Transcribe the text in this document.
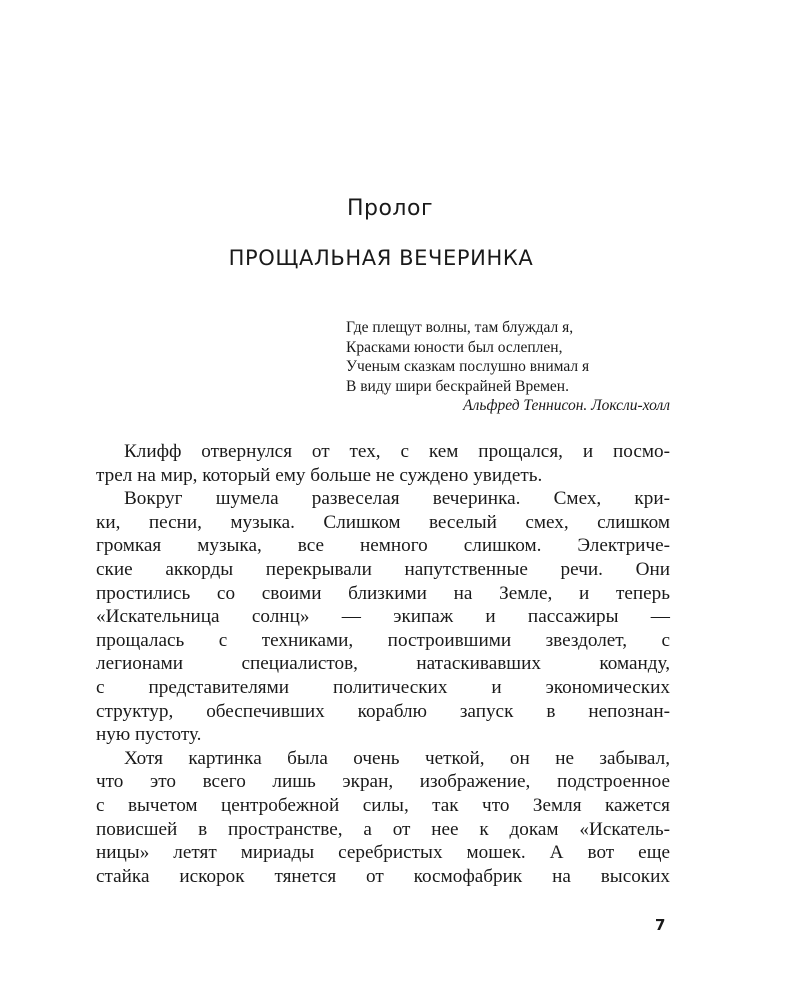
Пролог
ПРОЩАЛЬНАЯ ВЕЧЕРИНКА
Где плещут волны, там блуждал я,
Красками юности был ослеплен,
Ученым сказкам послушно внимал я
В виду шири бескрайней Времен.
Альфред Теннисон. Локсли-холл
Клифф отвернулся от тех, с кем прощался, и посмо-
трел на мир, который ему больше не суждено увидеть.
Вокруг шумела развеселая вечеринка. Смех, кри-
ки, песни, музыка. Слишком веселый смех, слишком
громкая музыка, все немного слишком. Электриче-
ские аккорды перекрывали напутственные речи. Они
простились со своими близкими на Земле, и теперь
«Искательница солнц» — экипаж и пассажиры —
прощалась с техниками, построившими звездолет, с
легионами специалистов, натаскивавших команду,
с представителями политических и экономических
структур, обеспечивших кораблю запуск в непознан-
ную пустоту.
Хотя картинка была очень четкой, он не забывал,
что это всего лишь экран, изображение, подстроенное
с вычетом центробежной силы, так что Земля кажется
повисшей в пространстве, а от нее к докам «Искатель-
ницы» летят мириады серебристых мошек. А вот еще
стайка искорок тянется от космофабрик на высоких
7
